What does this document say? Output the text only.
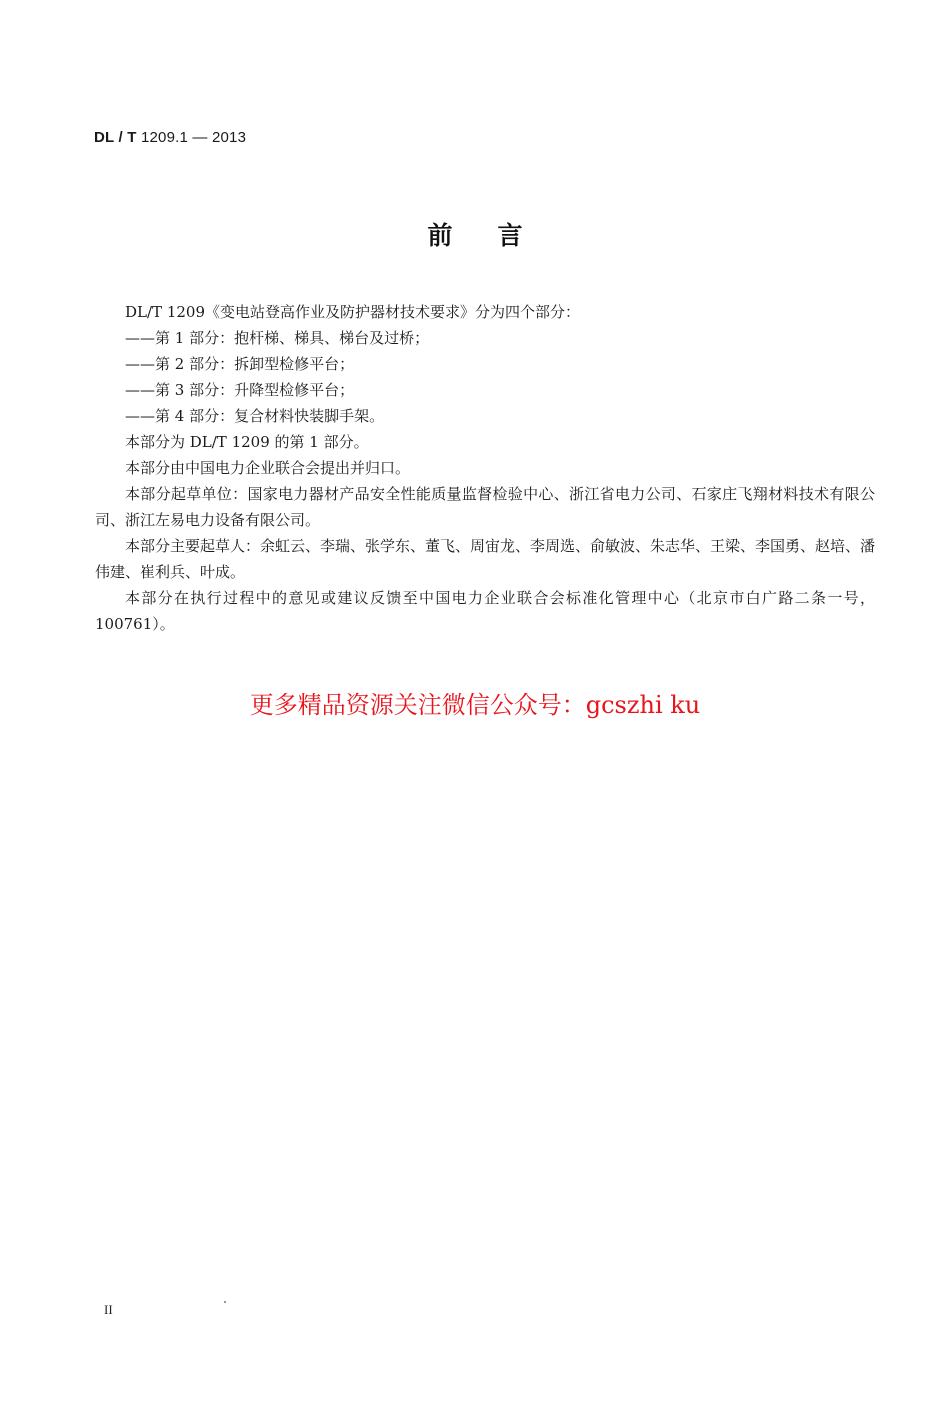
DL / T 1209.1 — 2013
前言

DL/T 1209《变电站登高作业及防护器材技术要求》分为四个部分：

——第 1 部分：抱杆梯、梯具、梯台及过桥；

——第 2 部分：拆卸型检修平台；

——第 3 部分：升降型检修平台；

——第 4 部分：复合材料快装脚手架。

本部分为 DL/T 1209 的第 1 部分。

本部分由中国电力企业联合会提出并归口。

本部分起草单位：国家电力器材产品安全性能质量监督检验中心、浙江省电力公司、石家庄飞翔材料技术有限公司、浙江左易电力设备有限公司。

本部分主要起草人：余虹云、李瑞、张学东、董飞、周宙龙、李周选、俞敏波、朱志华、王梁、李国勇、赵培、潘伟建、崔利兵、叶成。

本部分在执行过程中的意见或建议反馈至中国电力企业联合会标准化管理中心（北京市白广路二条一号，100761）。

更多精品资源关注微信公众号：gcszhi ku
II
